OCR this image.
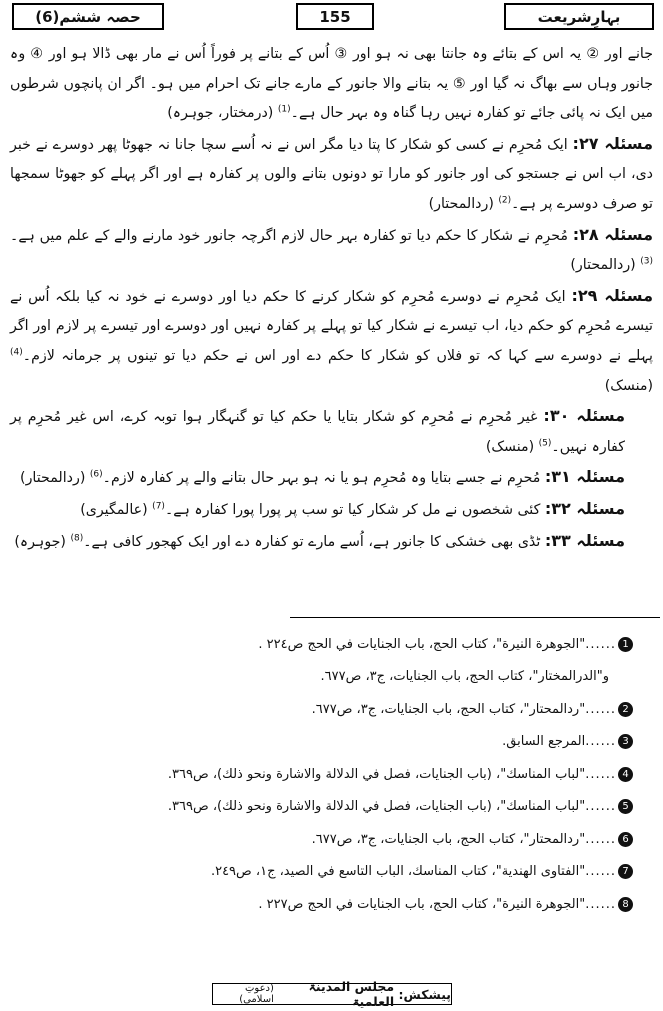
حصہ ششم(6)	155	بہارِشریعت

جانے اور ② یہ اس کے بتائے وہ جانتا بھی نہ ہو اور ③ اُس کے بتانے پر فوراً اُس نے مار بھی ڈالا ہو اور ④ وہ جانور وہاں سے بھاگ نہ گیا اور ⑤ یہ بتانے والا جانور کے مارے جانے تک احرام میں ہو۔ اگر ان پانچوں شرطوں میں ایک نہ پائی جائے تو کفارہ نہیں رہا گناہ وہ بہر حال ہے۔$^{(1)}$ (درمختار، جوہرہ)

مسئلہ ۲۷: ایک مُحرِم نے کسی کو شکار کا پتا دیا مگر اس نے نہ اُسے سچا جانا نہ جھوٹا پھر دوسرے نے خبر دی، اب اس نے جستجو کی اور جانور کو مارا تو دونوں بتانے والوں پر کفارہ ہے اور اگر پہلے کو جھوٹا سمجھا تو صرف دوسرے پر ہے۔$^{(2)}$ (ردالمحتار)

مسئلہ ۲۸: مُحرِم نے شکار کا حکم دیا تو کفارہ بہر حال لازم اگرچہ جانور خود مارنے والے کے علم میں ہے۔$^{(3)}$ (ردالمحتار)

مسئلہ ۲۹: ایک مُحرِم نے دوسرے مُحرِم کو شکار کرنے کا حکم دیا اور دوسرے نے خود نہ کیا بلکہ اُس نے تیسرے مُحرِم کو حکم دیا، اب تیسرے نے شکار کیا تو پہلے پر کفارہ نہیں اور دوسرے اور تیسرے پر لازم اور اگر پہلے نے دوسرے سے کہا کہ تو فلاں کو شکار کا حکم دے اور اس نے حکم دیا تو تینوں پر جرمانہ لازم۔$^{(4)}$ (منسک)

مسئلہ ۳۰: غیر مُحرِم نے مُحرِم کو شکار بتایا یا حکم کیا تو گنہگار ہوا توبہ کرے، اس غیر مُحرِم پر کفارہ نہیں۔$^{(5)}$ (منسک)

مسئلہ ۳۱: مُحرِم نے جسے بتایا وہ مُحرِم ہو یا نہ ہو بہر حال بتانے والے پر کفارہ لازم۔$^{(6)}$ (ردالمحتار)

مسئلہ ۳۲: کئی شخصوں نے مل کر شکار کیا تو سب پر پورا پورا کفارہ ہے۔$^{(7)}$ (عالمگیری)

مسئلہ ۳۳: ٹڈی بھی خشکی کا جانور ہے، اُسے مارے تو کفارہ دے اور ایک کھجور کافی ہے۔$^{(8)}$ (جوہرہ)

1
......
"الجوهرة النيرة"، كتاب الحج، باب الجنايات في الحج ص٢٢٤ .
و"الدرالمختار"، كتاب الحج، باب الجنايات، ج٣، ص٦٧٧.
2
......
"ردالمحتار"، كتاب الحج، باب الجنايات، ج٣، ص٦٧٧.
3
......
المرجع السابق.
4
......
"لباب المناسك"، (باب الجنايات، فصل في الدلالة والاشارة ونحو ذلك)، ص٣٦٩.
5
......
"لباب المناسك"، (باب الجنايات، فصل في الدلالة والاشارة ونحو ذلك)، ص٣٦٩.
6
......
"ردالمحتار"، كتاب الحج، باب الجنايات، ج٣، ص٦٧٧.
7
......
"الفتاوى الهندية"، كتاب المناسك، الباب التاسع في الصيد، ج١، ص٢٤٩.
8
......
"الجوهرة النيرة"، كتاب الحج، باب الجنايات في الحج ص٢٢٧ .
پیشکش:

مجلس المدینۃ العلمیۃ
(دعوتِ اسلامی)
